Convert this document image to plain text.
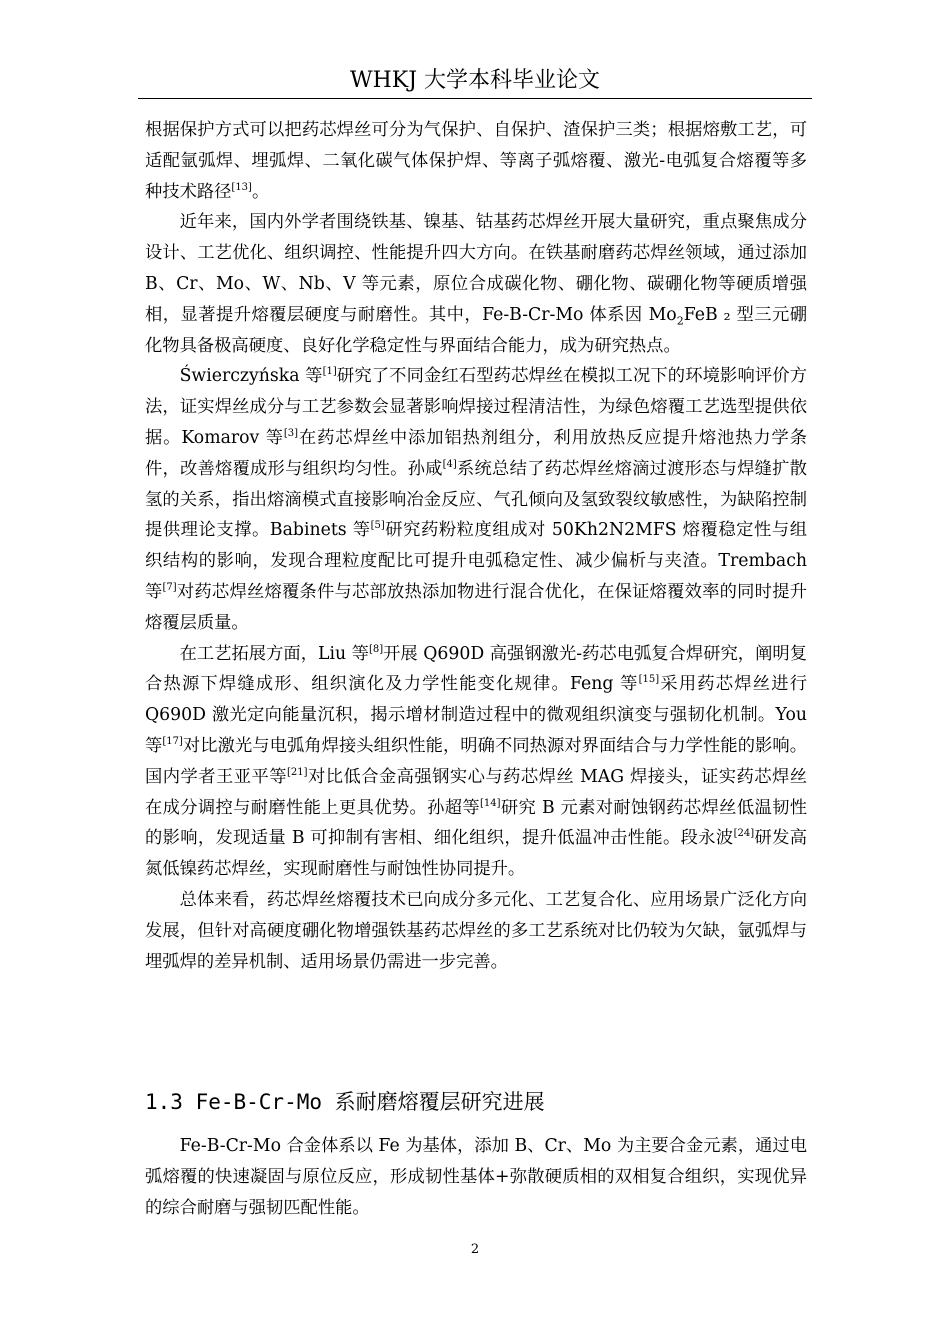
WHKJ 大学本科毕业论文

根据保护方式可以把药芯焊丝可分为气保护、自保护、渣保护三类；根据熔敷工艺，可适配氩弧焊、埋弧焊、二氧化碳气体保护焊、等离子弧熔覆、激光-电弧复合熔覆等多种技术路径[13]。

近年来，国内外学者围绕铁基、镍基、钴基药芯焊丝开展大量研究，重点聚焦成分设计、工艺优化、组织调控、性能提升四大方向。在铁基耐磨药芯焊丝领域，通过添加 B、Cr、Mo、W、Nb、V 等元素，原位合成碳化物、硼化物、碳硼化物等硬质增强相，显著提升熔覆层硬度与耐磨性。其中，Fe-B-Cr-Mo 体系因 $Mo_2FeB$ ₂ 型三元硼化物具备极高硬度、良好化学稳定性与界面结合能力，成为研究热点。

Świerczyńska 等[1]研究了不同金红石型药芯焊丝在模拟工况下的环境影响评价方法，证实焊丝成分与工艺参数会显著影响焊接过程清洁性，为绿色熔覆工艺选型提供依据。Komarov 等[3]在药芯焊丝中添加铝热剂组分，利用放热反应提升熔池热力学条件，改善熔覆成形与组织均匀性。孙咸[4]系统总结了药芯焊丝熔滴过渡形态与焊缝扩散氢的关系，指出熔滴模式直接影响冶金反应、气孔倾向及氢致裂纹敏感性，为缺陷控制提供理论支撑。Babinets 等[5]研究药粉粒度组成对 50Kh2N2MFS 熔覆稳定性与组织结构的影响，发现合理粒度配比可提升电弧稳定性、减少偏析与夹渣。Trembach 等[7]对药芯焊丝熔覆条件与芯部放热添加物进行混合优化，在保证熔覆效率的同时提升熔覆层质量。

在工艺拓展方面，Liu 等[8]开展 Q690D 高强钢激光-药芯电弧复合焊研究，阐明复合热源下焊缝成形、组织演化及力学性能变化规律。Feng 等[15]采用药芯焊丝进行 Q690D 激光定向能量沉积，揭示增材制造过程中的微观组织演变与强韧化机制。You 等[17]对比激光与电弧角焊接头组织性能，明确不同热源对界面结合与力学性能的影响。国内学者王亚平等[21]对比低合金高强钢实心与药芯焊丝 MAG 焊接头，证实药芯焊丝在成分调控与耐磨性能上更具优势。孙超等[14]研究 B 元素对耐蚀钢药芯焊丝低温韧性的影响，发现适量 B 可抑制有害相、细化组织，提升低温冲击性能。段永波[24]研发高氮低镍药芯焊丝，实现耐磨性与耐蚀性协同提升。

总体来看，药芯焊丝熔覆技术已向成分多元化、工艺复合化、应用场景广泛化方向发展，但针对高硬度硼化物增强铁基药芯焊丝的多工艺系统对比仍较为欠缺，氩弧焊与埋弧焊的差异机制、适用场景仍需进一步完善。

1.3 Fe-B-Cr-Mo 系耐磨熔覆层研究进展

Fe-B-Cr-Mo 合金体系以 Fe 为基体，添加 B、Cr、Mo 为主要合金元素，通过电弧熔覆的快速凝固与原位反应，形成韧性基体+弥散硬质相的双相复合组织，实现优异的综合耐磨与强韧匹配性能。

2
